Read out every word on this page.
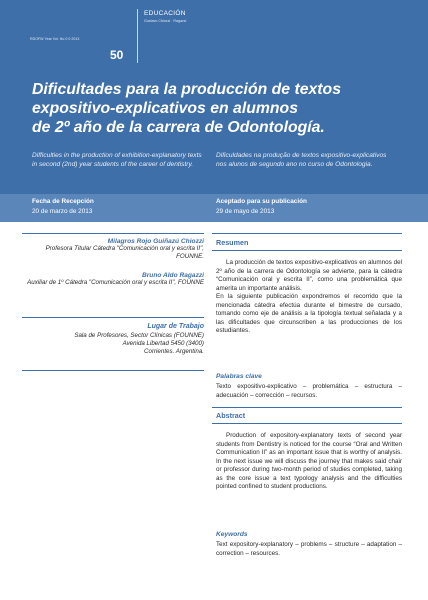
RDOFW Year Vol. No 0 0 2013
50
EDUCACIÓN
Gustavo Chiozzi · Ragazzi
Dificultades para la producción de textos
expositivo-explicativos en alumnos
de 2º año de la carrera de Odontología.
Difficulties in the production of exhibition-explanatory texts in second (2nd) year students of the career of dentistry.
Dificuldades na produção de textos expositivo-explicativos nos alunos de segundo ano no curso de Odontologia.
Fecha de Recepción
20 de marzo de 2013
Aceptado para su publicación
29 de mayo de 2013
Milagros Rojo Guiñazú Chiozzi
Profesora Titular Cátedra "Comunicación oral y escrita II", FOUNNE.
Bruno Aldo Ragazzi
Auxiliar de 1º Cátedra "Comunicación oral y escrita II", FOUNNE
Lugar de Trabajo
Sala de Profesores, Sector Clínicas (FOUNNE)
Avenida Libertad 5450 (3400)
Corrientes. Argentina.
Resumen

La producción de textos expositivo-explicativos en alumnos del 2º año de la carrera de Odontología se advierte, para la cátedra “Comunicación oral y escrita II”, como una problemática que amerita un importante análisis.

En la siguiente publicación expondremos el recorrido que la mencionada cátedra efectúa durante el bimestre de cursado, tomando como eje de análisis a la tipología textual señalada y a las dificultades que circunscriben a las producciones de los estudiantes.

Palabras clave
Texto expositivo-explicativo – problemática – estructura – adecuación – corrección – recursos.
Abstract

Production of expository-explanatory texts of second year students from Dentistry is noticed for the course “Oral and Written Communication II” as an important issue that is worthy of analysis. In the next issue we will discuss the journey that makes said chair or professor during two-month period of studies completed, taking as the core issue a text typology analysis and the difficulties pointed confined to student productions.

Keywords
Text expository-explanatory – problems – structure – adaptation – correction – resources.
